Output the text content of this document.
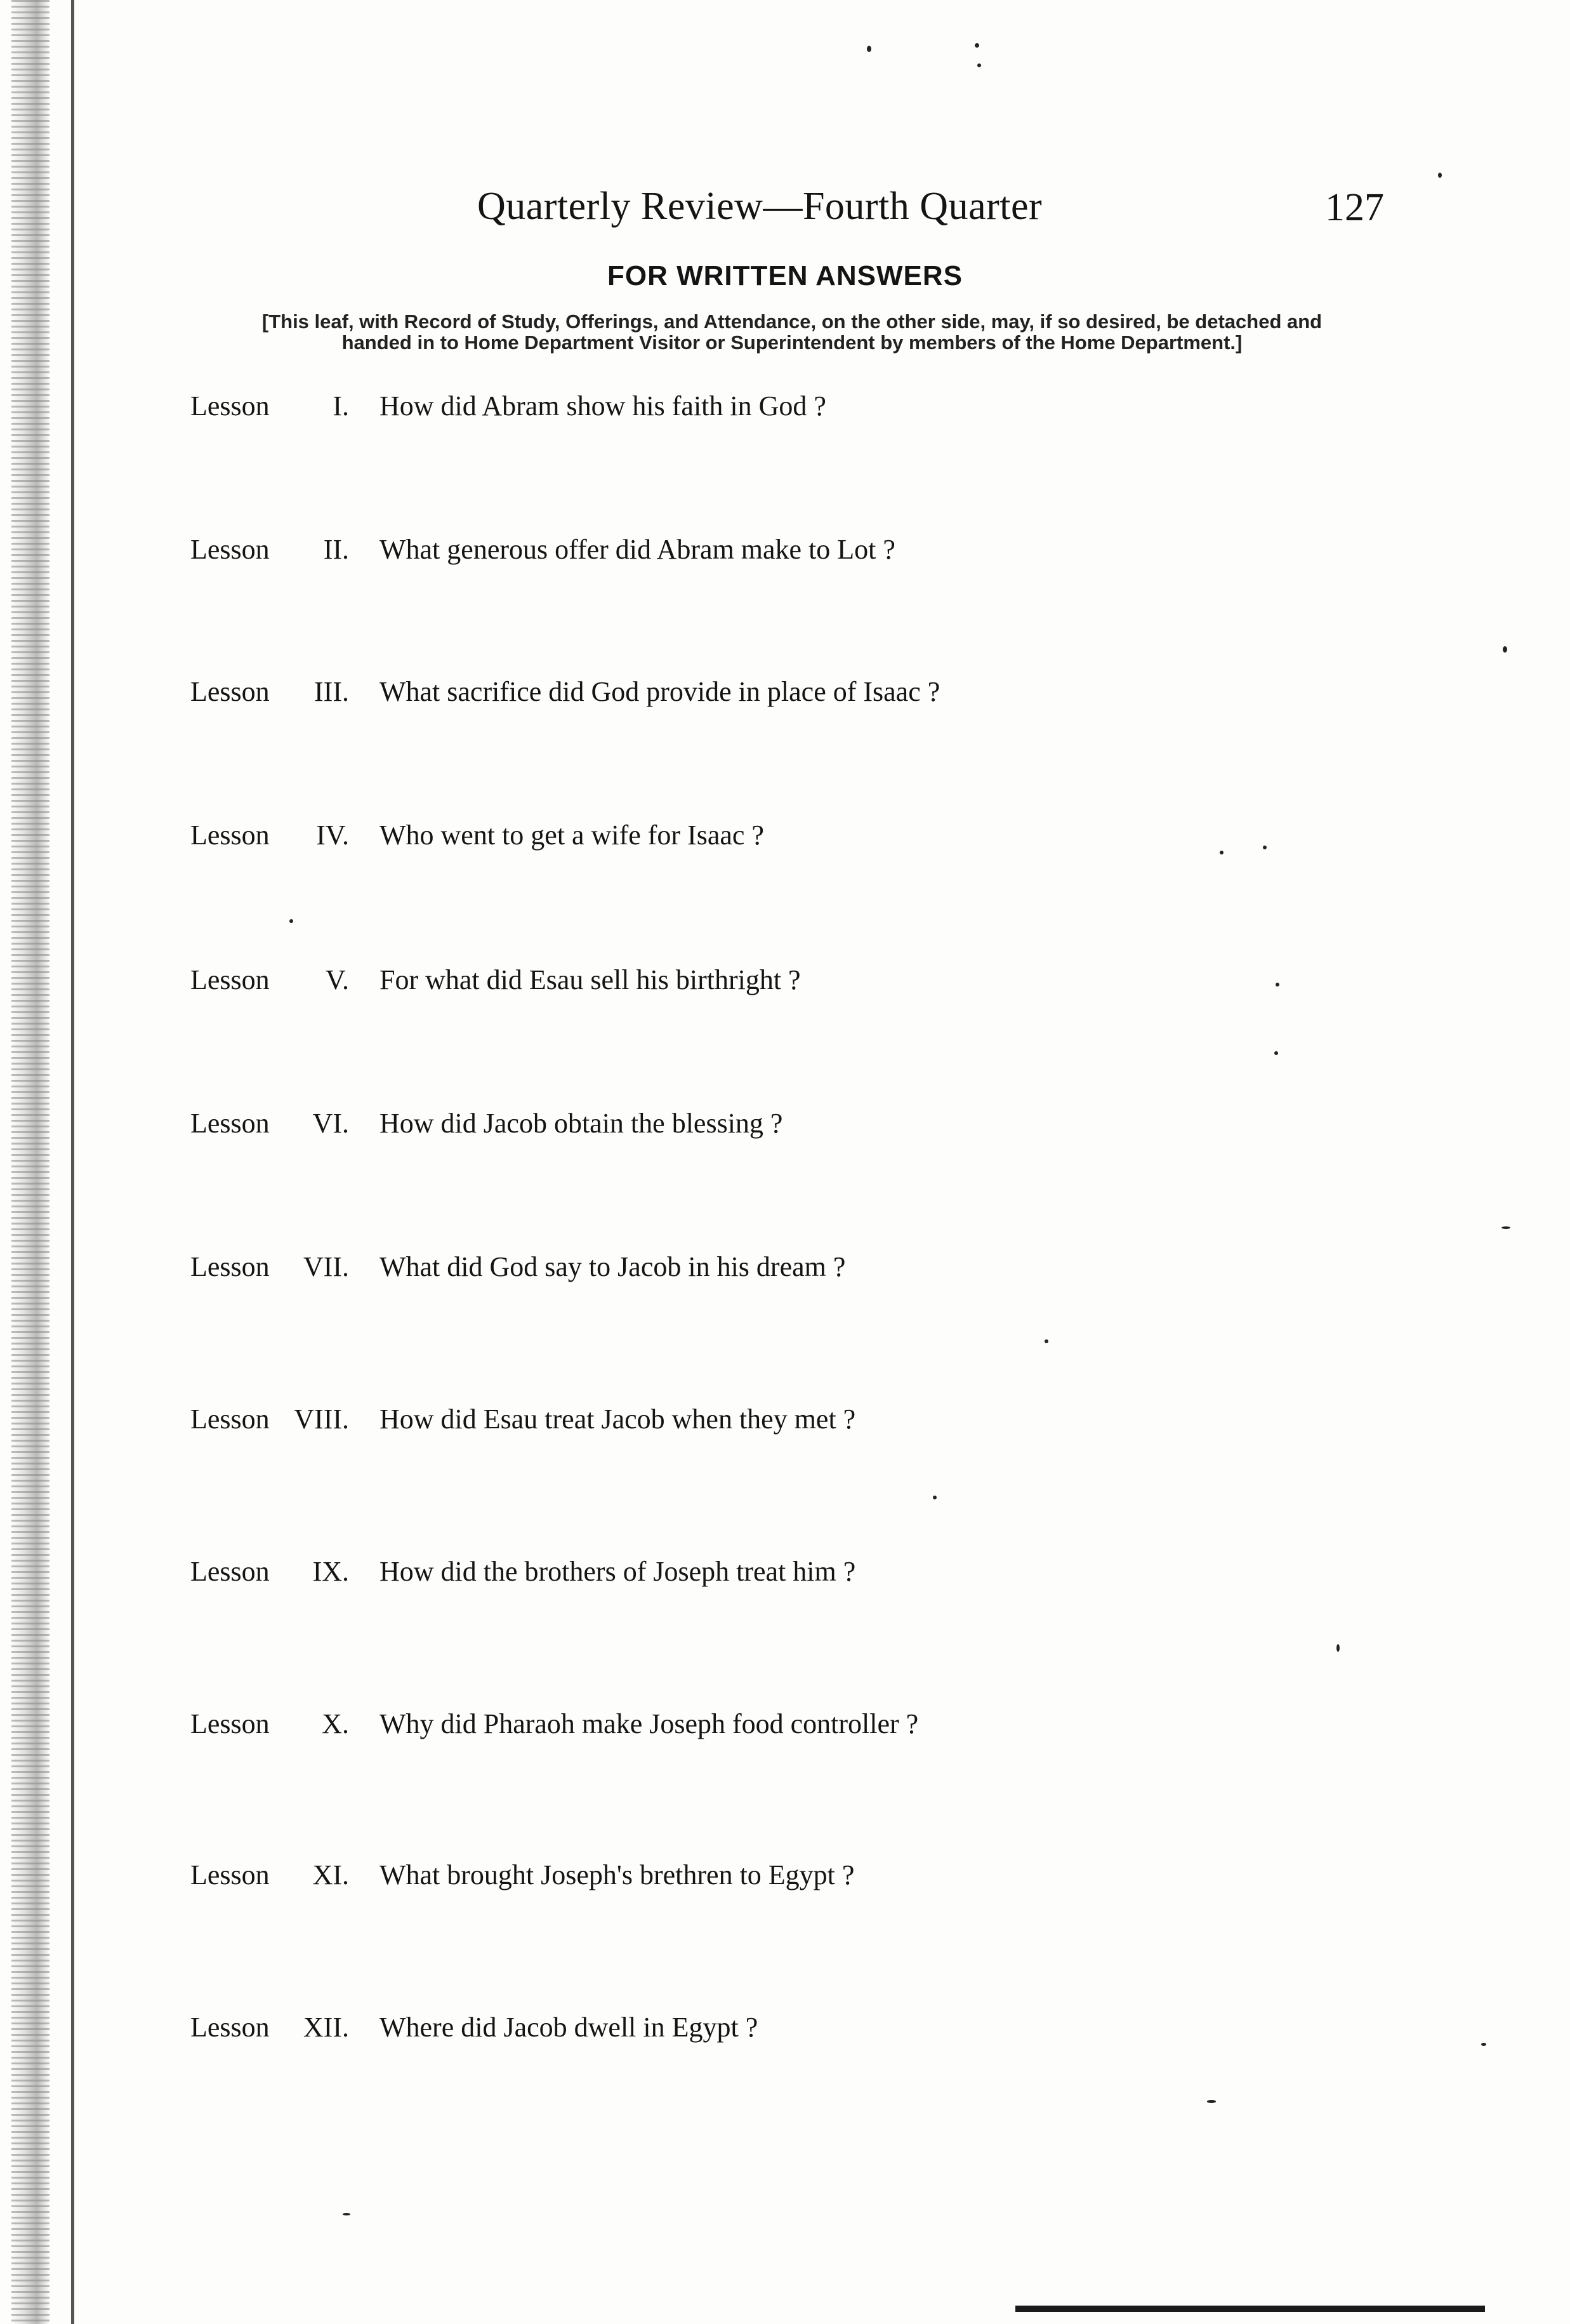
Quarterly Review—Fourth Quarter	127
FOR WRITTEN ANSWERS
[This leaf, with Record of Study, Offerings, and Attendance, on the other side, may, if so desired, be detached and
handed in to Home Department Visitor or Superintendent by members of the Home Department.]
Lesson	I. How did Abram show his faith in God ?
Lesson	II. What generous offer did Abram make to Lot ?
Lesson	III. What sacrifice did God provide in place of Isaac ?
Lesson	IV. Who went to get a wife for Isaac ?
Lesson	V. For what did Esau sell his birthright ?
Lesson	VI. How did Jacob obtain the blessing ?
Lesson	VII. What did God say to Jacob in his dream ?
Lesson VIII. How did Esau treat Jacob when they met ?
Lesson	IX. How did the brothers of Joseph treat him ?
Lesson	X. Why did Pharaoh make Joseph food controller ?
Lesson	XI. What brought Joseph's brethren to Egypt ?
Lesson	XII. Where did Jacob dwell in Egypt ?
